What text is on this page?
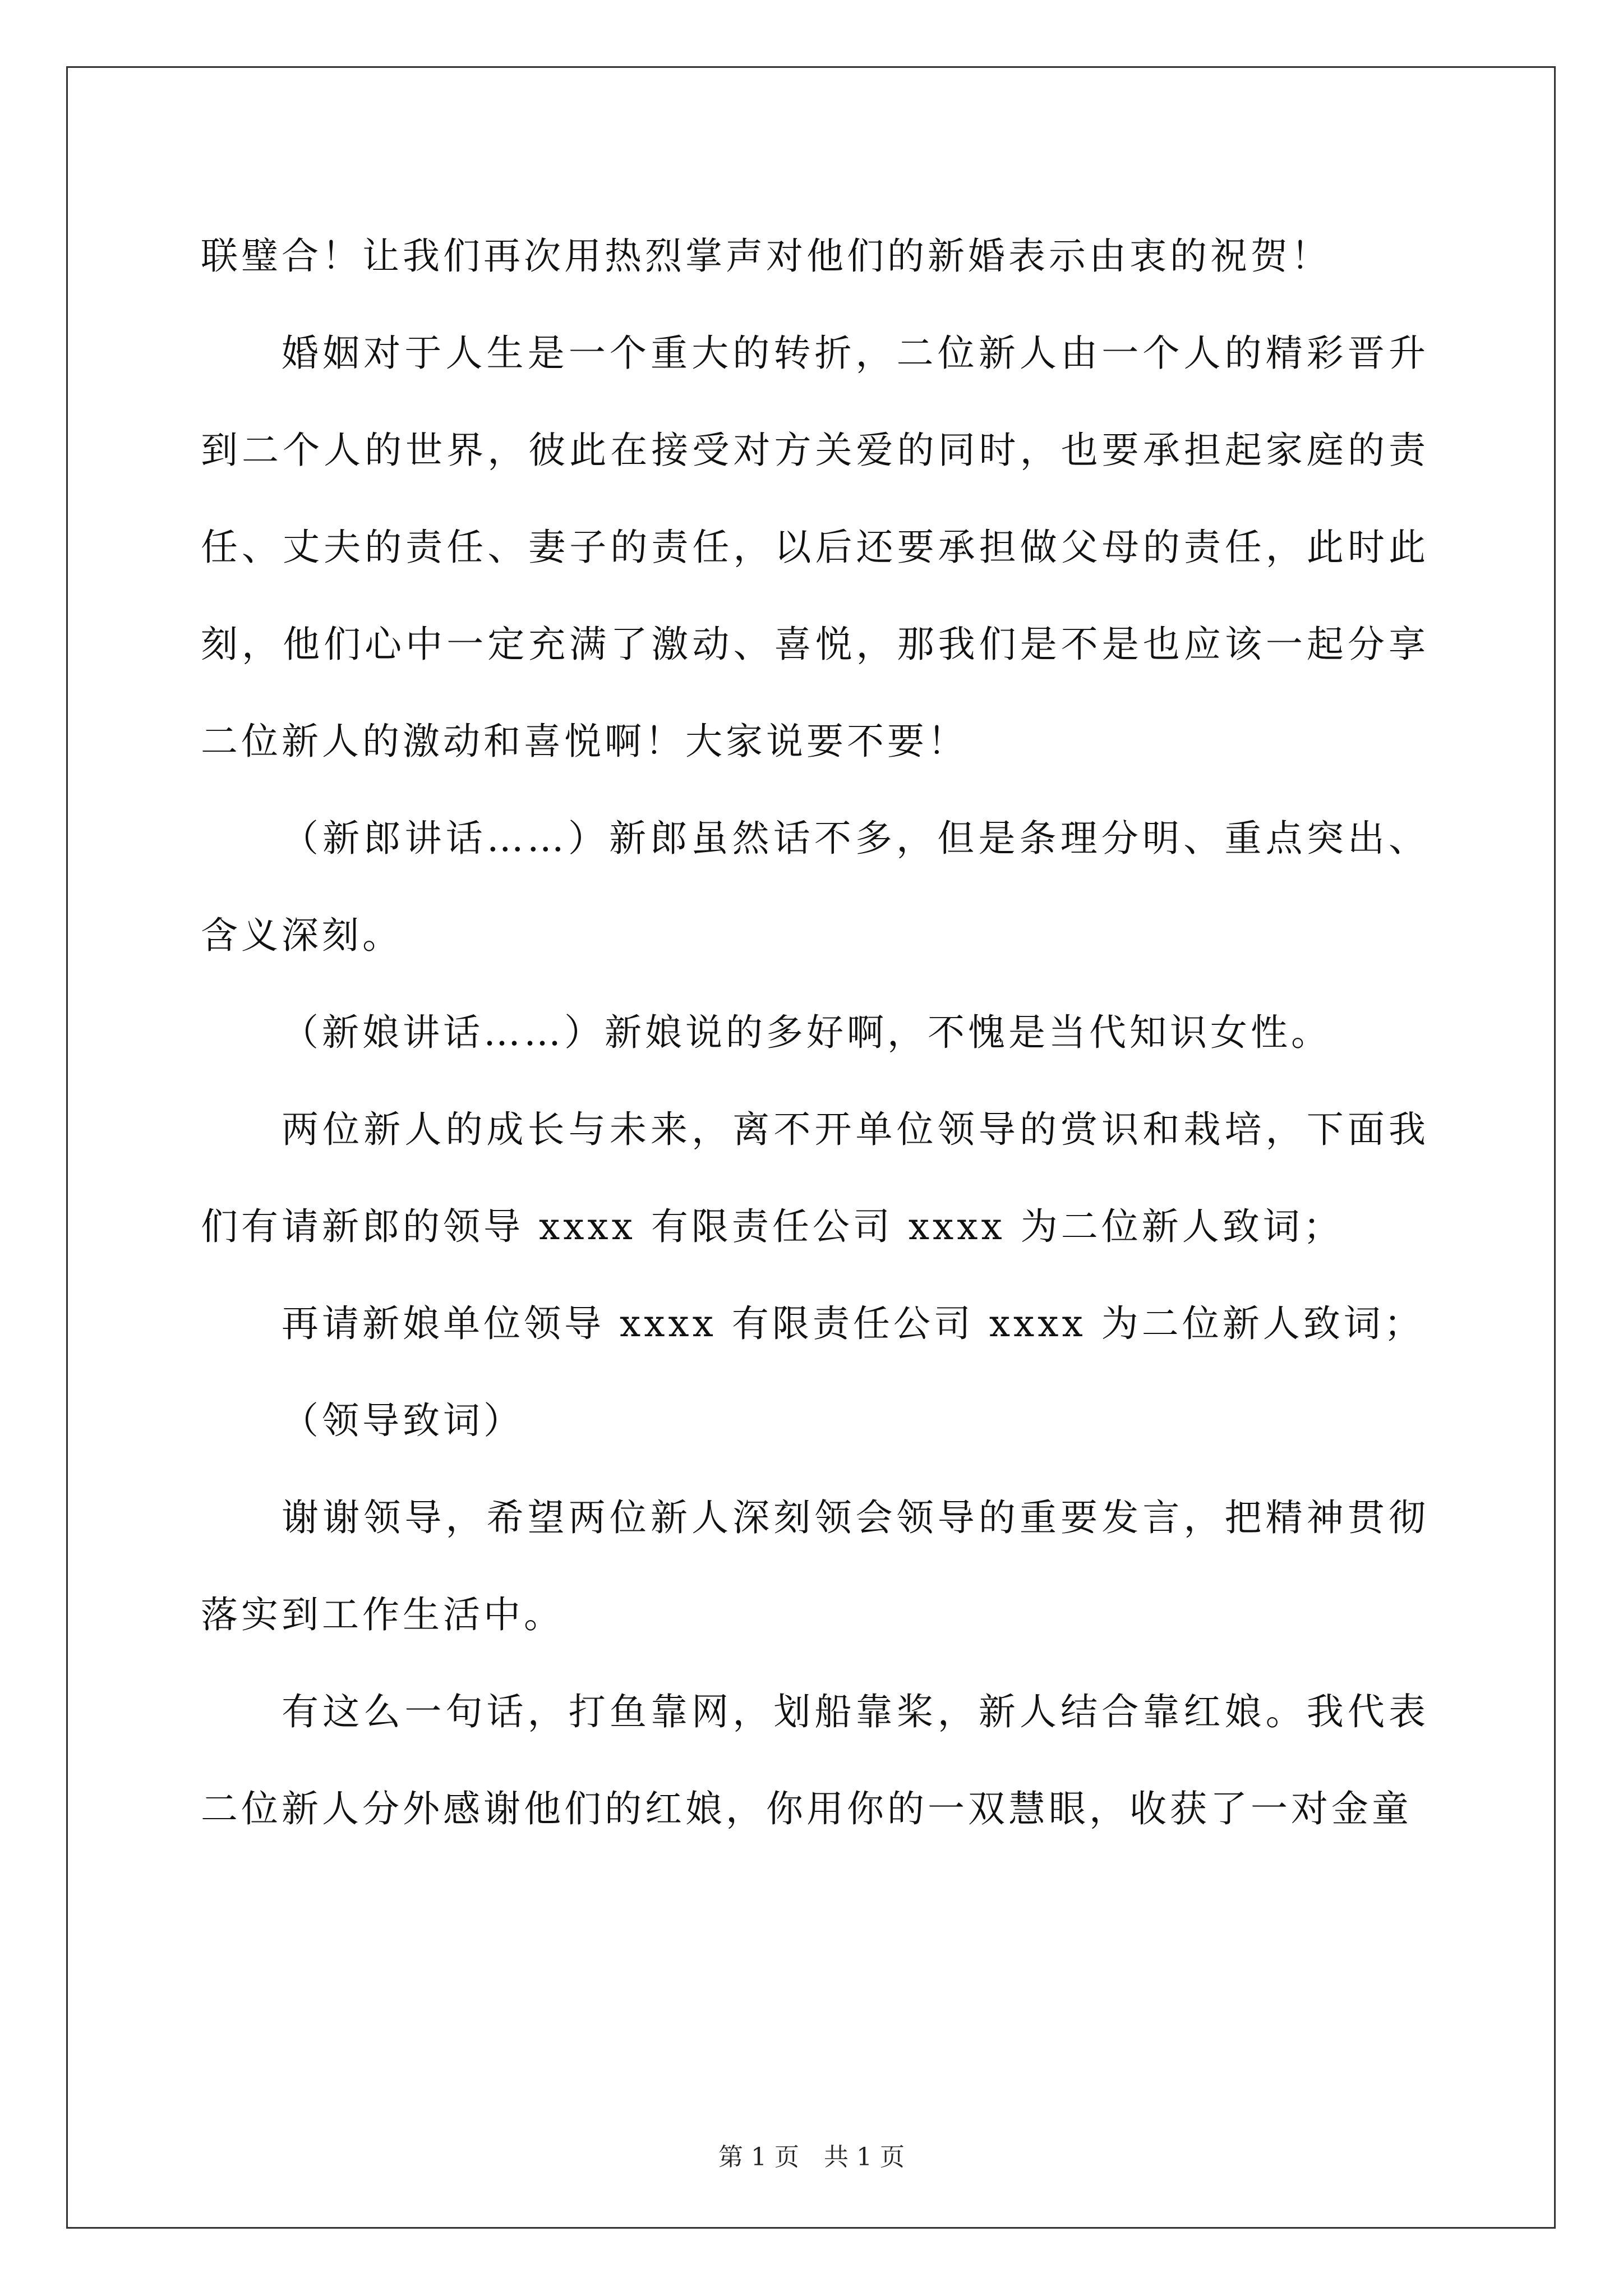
联璧合！让我们再次用热烈掌声对他们的新婚表示由衷的祝贺！

婚姻对于人生是一个重大的转折，二位新人由一个人的精彩晋升到二个人的世界，彼此在接受对方关爱的同时，也要承担起家庭的责任、丈夫的责任、妻子的责任，以后还要承担做父母的责任，此时此刻，他们心中一定充满了激动、喜悦，那我们是不是也应该一起分享二位新人的激动和喜悦啊！大家说要不要！

（新郎讲话……）新郎虽然话不多，但是条理分明、重点突出、含义深刻。

（新娘讲话……）新娘说的多好啊，不愧是当代知识女性。

两位新人的成长与未来，离不开单位领导的赏识和栽培，下面我们有请新郎的领导 xxxx 有限责任公司 xxxx 为二位新人致词；

再请新娘单位领导 xxxx 有限责任公司 xxxx 为二位新人致词；

（领导致词）

谢谢领导，希望两位新人深刻领会领导的重要发言，把精神贯彻落实到工作生活中。

有这么一句话，打鱼靠网，划船靠桨，新人结合靠红娘。我代表二位新人分外感谢他们的红娘，你用你的一双慧眼，收获了一对金童

第 1 页　共 1 页
